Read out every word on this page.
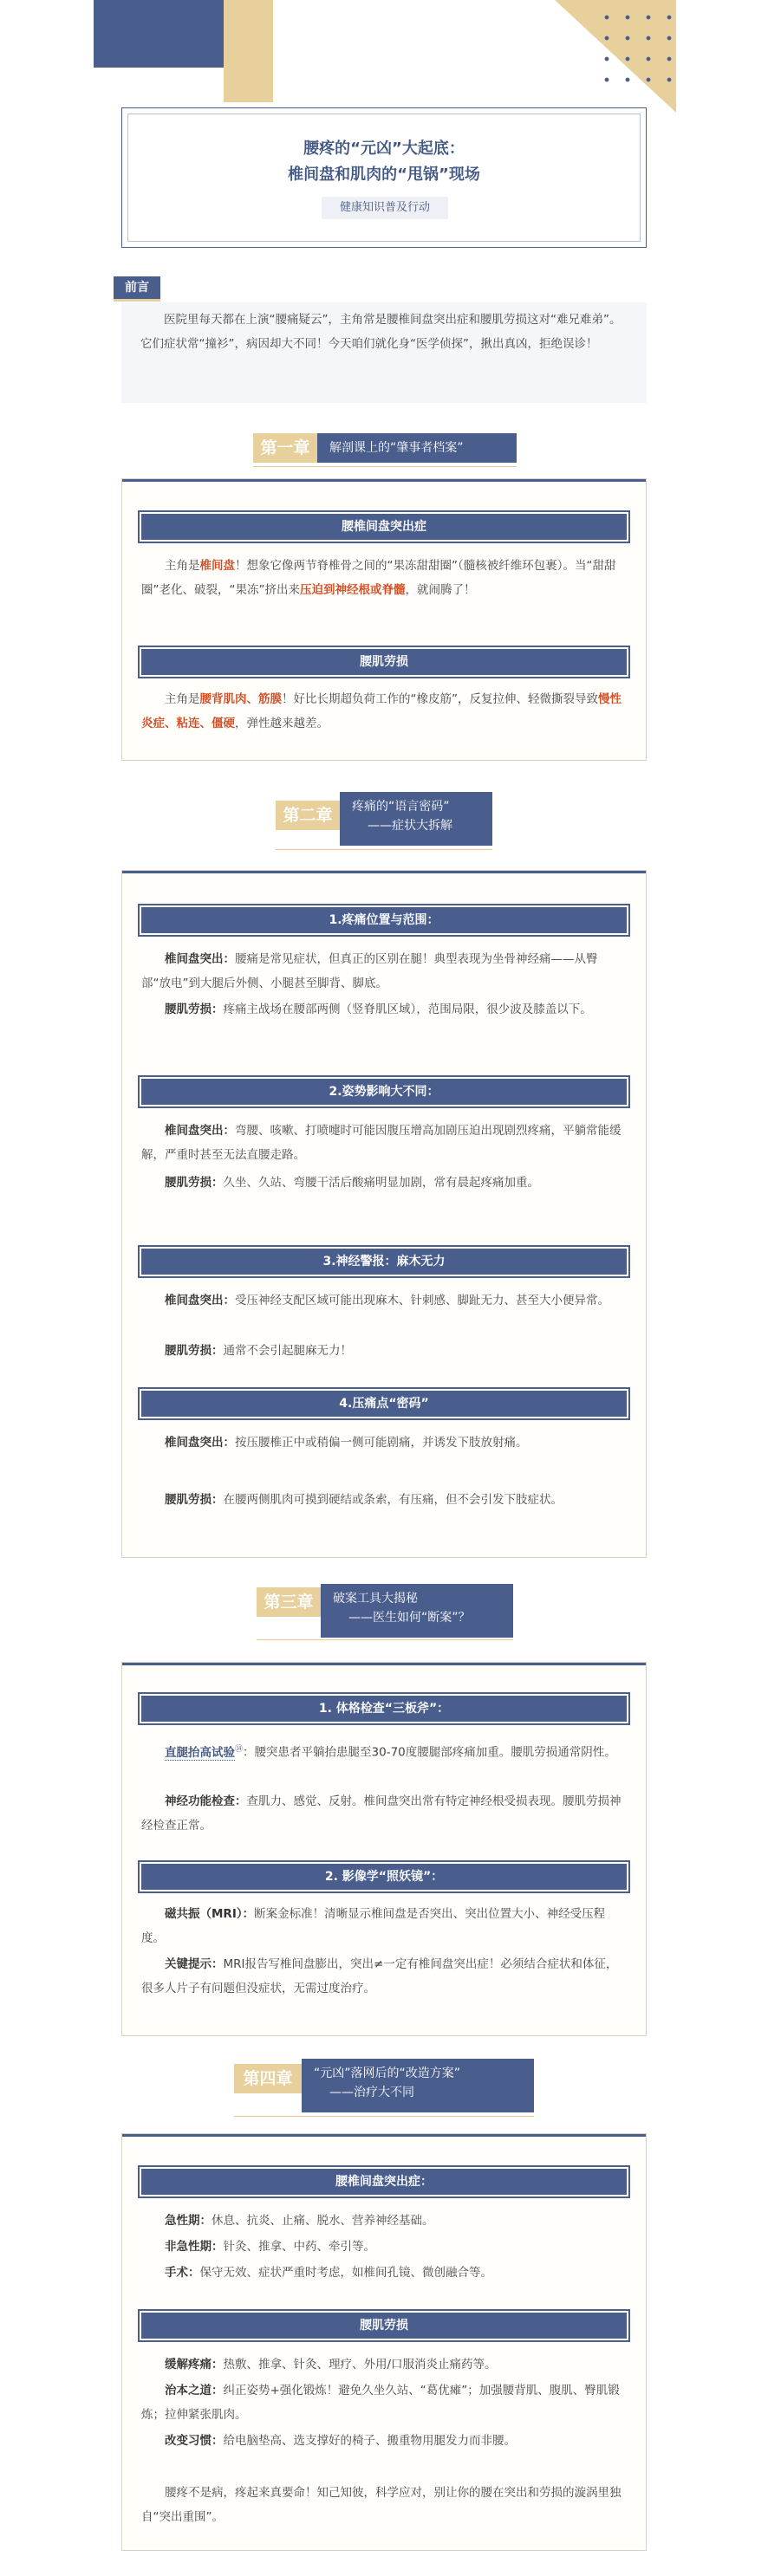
腰疼的“元凶”大起底：
椎间盘和肌肉的“甩锅”现场
健康知识普及行动
前言
医院里每天都在上演“腰痛疑云”，主角常是腰椎间盘突出症和腰肌劳损这对“难兄难弟”。它们症状常“撞衫”，病因却大不同！今天咱们就化身“医学侦探”，揪出真凶，拒绝误诊！
第一章	解剖课上的“肇事者档案”
腰椎间盘突出症
主角是椎间盘！想象它像两节脊椎骨之间的“果冻甜甜圈”（髓核被纤维环包裹）。当“甜甜圈”老化、破裂，“果冻”挤出来压迫到神经根或脊髓，就闹腾了！
腰肌劳损
主角是腰背肌肉、筋膜！好比长期超负荷工作的“橡皮筋”，反复拉伸、轻微撕裂导致慢性炎症、粘连、僵硬，弹性越来越差。
第二章	疼痛的“语言密码”
——症状大拆解
1.疼痛位置与范围：
椎间盘突出：腰痛是常见症状，但真正的区别在腿！典型表现为坐骨神经痛——从臀部“放电”到大腿后外侧、小腿甚至脚背、脚底。
腰肌劳损：疼痛主战场在腰部两侧（竖脊肌区域），范围局限，很少波及膝盖以下。
2.姿势影响大不同：
椎间盘突出：弯腰、咳嗽、打喷嚏时可能因腹压增高加剧压迫出现剧烈疼痛，平躺常能缓解，严重时甚至无法直腰走路。
腰肌劳损：久坐、久站、弯腰干活后酸痛明显加剧，常有晨起疼痛加重。
3.神经警报：麻木无力
椎间盘突出：受压神经支配区域可能出现麻木、针刺感、脚趾无力、甚至大小便异常。
腰肌劳损：通常不会引起腿麻无力！
4.压痛点“密码”
椎间盘突出：按压腰椎正中或稍偏一侧可能剧痛，并诱发下肢放射痛。
腰肌劳损：在腰两侧肌肉可摸到硬结或条索，有压痛，但不会引发下肢症状。
第三章	破案工具大揭秘
——医生如何“断案”？
1. 体格检查“三板斧”：
直腿抬高试验⑭：腰突患者平躺抬患腿至30-70度腰腿部疼痛加重。腰肌劳损通常阴性。
神经功能检查：查肌力、感觉、反射。椎间盘突出常有特定神经根受损表现。腰肌劳损神经检查正常。
2. 影像学“照妖镜”：
磁共振（MRI）：断案金标准！清晰显示椎间盘是否突出、突出位置大小、神经受压程度。
关键提示：MRI报告写椎间盘膨出，突出≠一定有椎间盘突出症！必须结合症状和体征，很多人片子有问题但没症状，无需过度治疗。
第四章	“元凶”落网后的“改造方案”
——治疗大不同
腰椎间盘突出症：
急性期：休息、抗炎、止痛、脱水、营养神经基础。
非急性期：针灸、推拿、中药、牵引等。
手术：保守无效、症状严重时考虑，如椎间孔镜、微创融合等。
腰肌劳损
缓解疼痛：热敷、推拿、针灸、理疗、外用/口服消炎止痛药等。
治本之道：纠正姿势+强化锻炼！避免久坐久站、“葛优瘫”；加强腰背肌、腹肌、臀肌锻炼；拉伸紧张肌肉。
改变习惯：给电脑垫高、选支撑好的椅子、搬重物用腿发力而非腰。
腰疼不是病，疼起来真要命！知己知彼，科学应对，别让你的腰在突出和劳损的漩涡里独自“突出重围”。
